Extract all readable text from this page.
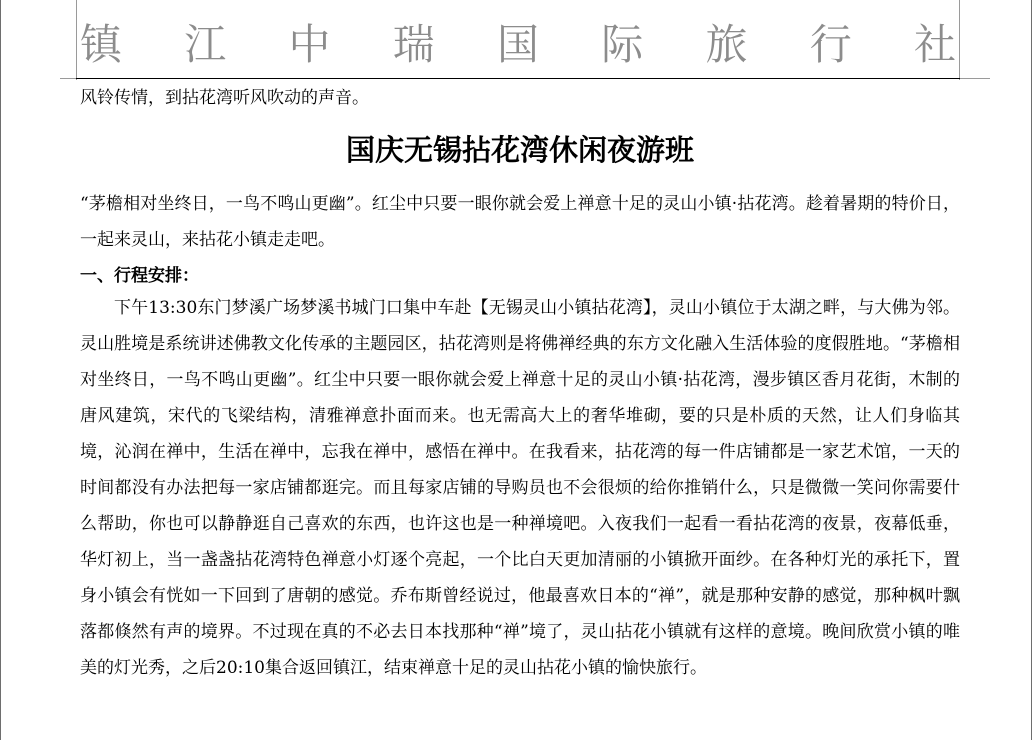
镇江中瑞国际旅行社
风铃传情，到拈花湾听风吹动的声音。
国庆无锡拈花湾休闲夜游班
“茅檐相对坐终日，一鸟不鸣山更幽”。红尘中只要一眼你就会爱上禅意十足的灵山小镇·拈花湾。趁着暑期的特价日，一起来灵山，来拈花小镇走走吧。
一、行程安排：
下午13:30东门梦溪广场梦溪书城门口集中车赴【无锡灵山小镇拈花湾】，灵山小镇位于太湖之畔，与大佛为邻。灵山胜境是系统讲述佛教文化传承的主题园区，拈花湾则是将佛禅经典的东方文化融入生活体验的度假胜地。“茅檐相对坐终日，一鸟不鸣山更幽”。红尘中只要一眼你就会爱上禅意十足的灵山小镇·拈花湾，漫步镇区香月花街，木制的唐风建筑，宋代的飞梁结构，清雅禅意扑面而来。也无需高大上的奢华堆砌，要的只是朴质的天然，让人们身临其境，沁润在禅中，生活在禅中，忘我在禅中，感悟在禅中。在我看来，拈花湾的每一件店铺都是一家艺术馆，一天的时间都没有办法把每一家店铺都逛完。而且每家店铺的导购员也不会很烦的给你推销什么，只是微微一笑问你需要什么帮助，你也可以静静逛自己喜欢的东西，也许这也是一种禅境吧。入夜我们一起看一看拈花湾的夜景，夜幕低垂，华灯初上，当一盏盏拈花湾特色禅意小灯逐个亮起，一个比白天更加清丽的小镇掀开面纱。在各种灯光的承托下，置身小镇会有恍如一下回到了唐朝的感觉。乔布斯曾经说过，他最喜欢日本的“禅”，就是那种安静的感觉，那种枫叶飘落都倏然有声的境界。不过现在真的不必去日本找那种“禅”境了，灵山拈花小镇就有这样的意境。晚间欣赏小镇的唯美的灯光秀，之后20:10集合返回镇江，结束禅意十足的灵山拈花小镇的愉快旅行。
